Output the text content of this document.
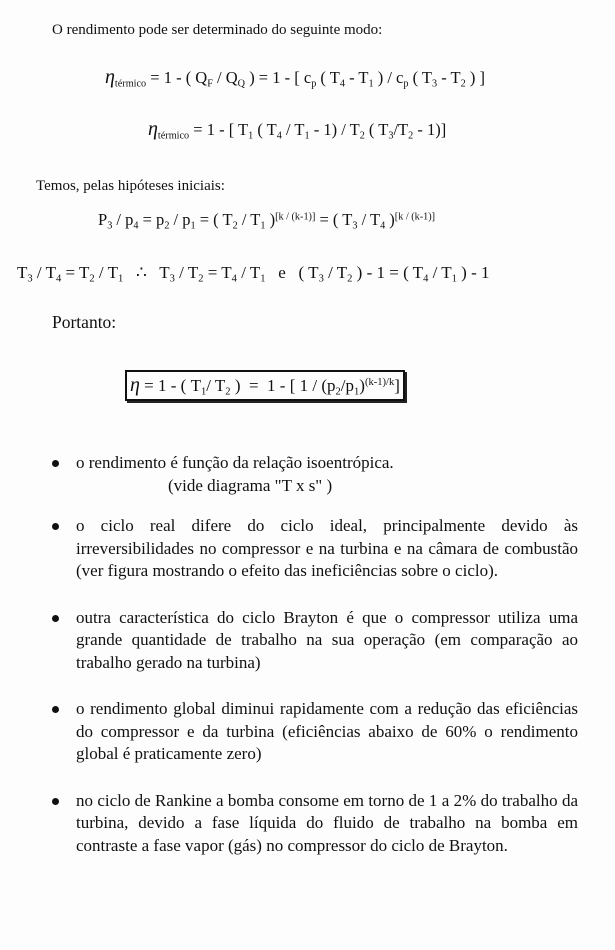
O rendimento pode ser determinado do seguinte modo:
$\eta_{térmico} = 1$ - ( $Q_F / Q_Q$ ) = 1 - [ $c_p$ ( $T_4 - T_1$ ) / $c_p$ ( $T_3 - T_2$ ) ]
$\eta_{térmico} = 1$ - [ $T_1$ ( $T_4 / T_1 - 1) / T_2$ ( $T_3/T_2 - 1$)]
Temos, pelas hipóteses iniciais:
$P_3 / p_4 = p_2 / p_1$ = ( $T_2 / T_1$ )[k / (k-1)] = ( $T_3 / T_4$ )[k / (k-1)]
$T_3 / T_4 = T_2 / T_1$   ∴   $T_3 / T_2 = T_4 / T_1$   e   ( $T_3 / T_2$ ) - 1 = ( $T_4 / T_1$ ) - 1
Portanto:
η = 1 - ( $T_1/$ $T_2$ )  =  1 - [ $1 / (p_2/p_1)^{(k-1)/k}$]
o rendimento é função da relação isoentrópica.
(vide diagrama "T x s" )
o ciclo real difere do ciclo ideal, principalmente devido às irreversibilidades no compressor e na turbina e na câmara de combustão (ver figura mostrando o efeito das ineficiências sobre o ciclo).
outra característica do ciclo Brayton é que o compressor utiliza uma grande quantidade de trabalho na sua operação (em comparação ao trabalho gerado na turbina)
o rendimento global diminui rapidamente com a redução das eficiências do compressor e da turbina (eficiências abaixo de 60% o rendimento global é praticamente zero)
no ciclo de Rankine a bomba consome em torno de 1 a 2% do trabalho da turbina, devido a fase líquida do fluido de trabalho na bomba em contraste a fase vapor (gás) no compressor do ciclo de Brayton.
